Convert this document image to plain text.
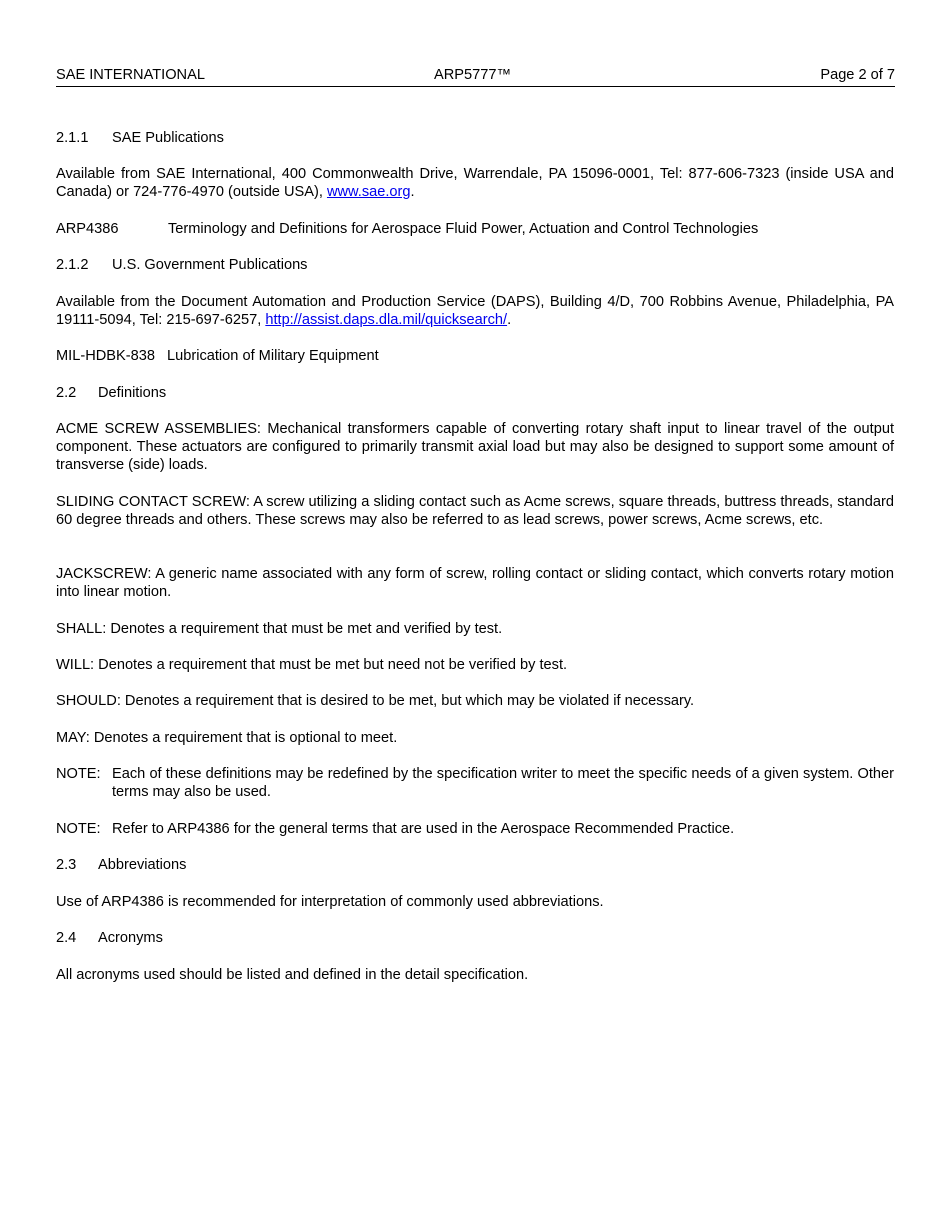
SAE INTERNATIONAL	ARP5777™	Page 2 of 7

2.1.1 SAE Publications

Available from SAE International, 400 Commonwealth Drive, Warrendale, PA 15096-0001, Tel: 877-606-7323 (inside USA and Canada) or 724-776-4970 (outside USA), www.sae.org.

ARP4386	Terminology and Definitions for Aerospace Fluid Power, Actuation and Control Technologies

2.1.2 U.S. Government Publications

Available from the Document Automation and Production Service (DAPS), Building 4/D, 700 Robbins Avenue, Philadelphia, PA 19111-5094, Tel: 215-697-6257, http://assist.daps.dla.mil/quicksearch/.

MIL-HDBK-838 Lubrication of Military Equipment

2.2 Definitions

ACME SCREW ASSEMBLIES: Mechanical transformers capable of converting rotary shaft input to linear travel of the output component. These actuators are configured to primarily transmit axial load but may also be designed to support some amount of transverse (side) loads.

SLIDING CONTACT SCREW: A screw utilizing a sliding contact such as Acme screws, square threads, buttress threads, standard 60 degree threads and others. These screws may also be referred to as lead screws, power screws, Acme screws, etc.

JACKSCREW: A generic name associated with any form of screw, rolling contact or sliding contact, which converts rotary motion into linear motion.

SHALL: Denotes a requirement that must be met and verified by test.

WILL: Denotes a requirement that must be met but need not be verified by test.

SHOULD: Denotes a requirement that is desired to be met, but which may be violated if necessary.

MAY: Denotes a requirement that is optional to meet.

NOTE: Each of these definitions may be redefined by the specification writer to meet the specific needs of a given system. Other terms may also be used.
NOTE: Refer to ARP4386 for the general terms that are used in the Aerospace Recommended Practice.

2.3 Abbreviations

Use of ARP4386 is recommended for interpretation of commonly used abbreviations.

2.4 Acronyms

All acronyms used should be listed and defined in the detail specification.
